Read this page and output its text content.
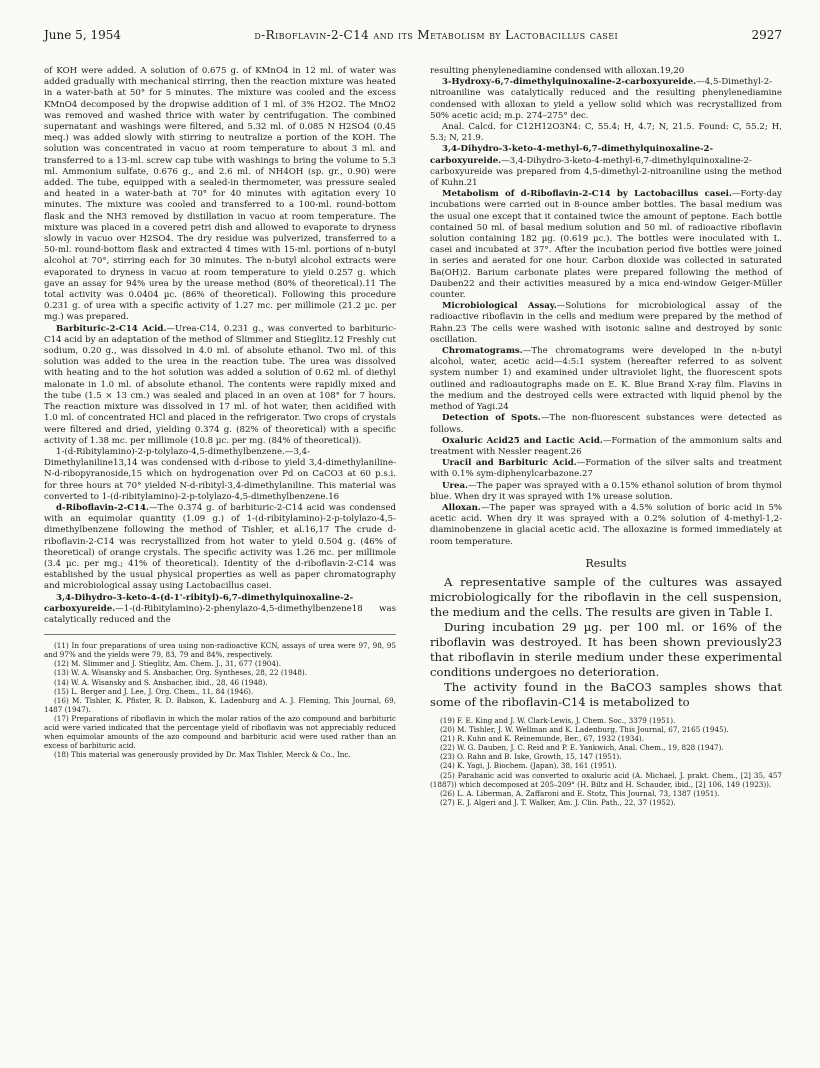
June 5, 1954	d-Riboflavin-2-C14 and its Metabolism by Lactobacillus casei	2927

of KOH were added. A solution of 0.675 g. of KMnO4 in 12 ml. of water was added gradually with mechanical stirring, then the reaction mixture was heated in a water-bath at 50° for 5 minutes. The mixture was cooled and the excess KMnO4 decomposed by the dropwise addition of 1 ml. of 3% H2O2. The MnO2 was removed and washed thrice with water by centrifugation. The combined supernatant and washings were filtered, and 5.32 ml. of 0.085 N H2SO4 (0.45 meq.) was added slowly with stirring to neutralize a portion of the KOH. The solution was concentrated in vacuo at room temperature to about 3 ml. and transferred to a 13-ml. screw cap tube with washings to bring the volume to 5.3 ml. Ammonium sulfate, 0.676 g., and 2.6 ml. of NH4OH (sp. gr., 0.90) were added. The tube, equipped with a sealed-in thermometer, was pressure sealed and heated in a water-bath at 70° for 40 minutes with agitation every 10 minutes. The mixture was cooled and transferred to a 100-ml. round-bottom flask and the NH3 removed by distillation in vacuo at room temperature. The mixture was placed in a covered petri dish and allowed to evaporate to dryness slowly in vacuo over H2SO4. The dry residue was pulverized, transferred to a 50-ml. round-bottom flask and extracted 4 times with 15-ml. portions of n-butyl alcohol at 70°, stirring each for 30 minutes. The n-butyl alcohol extracts were evaporated to dryness in vacuo at room temperature to yield 0.257 g. which gave an assay for 94% urea by the urease method (80% of theoretical).11 The total activity was 0.0404 µc. (86% of theoretical). Following this procedure 0.231 g. of urea with a specific activity of 1.27 mc. per millimole (21.2 µc. per mg.) was prepared.

Barbituric-2-C14 Acid.—Urea-C14, 0.231 g., was converted to barbituric-C14 acid by an adaptation of the method of Slimmer and Stieglitz.12 Freshly cut sodium, 0.20 g., was dissolved in 4.0 ml. of absolute ethanol. Two ml. of this solution was added to the urea in the reaction tube. The urea was dissolved with heating and to the hot solution was added a solution of 0.62 ml. of diethyl malonate in 1.0 ml. of absolute ethanol. The contents were rapidly mixed and the tube (1.5 × 13 cm.) was sealed and placed in an oven at 108° for 7 hours. The reaction mixture was dissolved in 17 ml. of hot water, then acidified with 1.0 ml. of concentrated HCl and placed in the refrigerator. Two crops of crystals were filtered and dried, yielding 0.374 g. (82% of theoretical) with a specific activity of 1.38 mc. per millimole (10.8 µc. per mg. (84% of theoretical)).

1-(d-Ribitylamino)-2-p-tolylazo-4,5-dimethylbenzene.—3,4-Dimethylaniline13,14 was condensed with d-ribose to yield 3,4-dimethylaniline-N-d-ribopyranoside,15 which on hydrogenation over Pd on CaCO3 at 60 p.s.i. for three hours at 70° yielded N-d-ribityl-3,4-dimethylaniline. This material was converted to 1-(d-ribitylamino)-2-p-tolylazo-4,5-dimethylbenzene.16

d-Riboflavin-2-C14.—The 0.374 g. of barbituric-2-C14 acid was condensed with an equimolar quantity (1.09 g.) of 1-(d-ribitylamino)-2-p-tolylazo-4,5-dimethylbenzene following the method of Tishler, et al.16,17 The crude d-riboflavin-2-C14 was recrystallized from hot water to yield 0.504 g. (46% of theoretical) of orange crystals. The specific activity was 1.26 mc. per millimole (3.4 µc. per mg.; 41% of theoretical). Identity of the d-riboflavin-2-C14 was established by the usual physical properties as well as paper chromatography and microbiological assay using Lactobacillus casei.

3,4-Dihydro-3-keto-4-(d-1'-ribityl)-6,7-dimethylquinoxaline-2-carboxyureide.—1-(d-Ribitylamino)-2-phenylazo-4,5-dimethylbenzene18 was catalytically reduced and the

(11) In four preparations of urea using non-radioactive KCN, assays of urea were 97, 98, 95 and 97% and the yields were 79, 83, 79 and 84%, respectively.

(12) M. Slimmer and J. Stieglitz, Am. Chem. J., 31, 677 (1904).

(13) W. A. Wisansky and S. Ansbacher, Org. Syntheses, 28, 22 (1948).

(14) W. A. Wisansky and S. Ansbacher, ibid., 28, 46 (1948).

(15) L. Berger and J. Lee, J. Org. Chem., 11, 84 (1946).

(16) M. Tishler, K. Pfister, R. D. Babson, K. Ladenburg and A. J. Fleming, This Journal, 69, 1487 (1947).

(17) Preparations of riboflavin in which the molar ratios of the azo compound and barbituric acid were varied indicated that the percentage yield of riboflavin was not appreciably reduced when equimolar amounts of the azo compound and barbituric acid were used rather than an excess of barbituric acid.

(18) This material was generously provided by Dr. Max Tishler, Merck & Co., Inc.

resulting phenylenediamine condensed with alloxan.19,20

3-Hydroxy-6,7-dimethylquinoxaline-2-carboxyureide.—4,5-Dimethyl-2-nitroaniline was catalytically reduced and the resulting phenylenediamine condensed with alloxan to yield a yellow solid which was recrystallized from 50% acetic acid; m.p. 274–275° dec.

Anal. Calcd. for C12H12O3N4: C, 55.4; H, 4.7; N, 21.5. Found: C, 55.2; H, 5.3; N, 21.9.

3,4-Dihydro-3-keto-4-methyl-6,7-dimethylquinoxaline-2-carboxyureide.—3,4-Dihydro-3-keto-4-methyl-6,7-dimethylquinoxaline-2-carboxyureide was prepared from 4,5-dimethyl-2-nitroaniline using the method of Kuhn.21

Metabolism of d-Riboflavin-2-C14 by Lactobacillus casei.—Forty-day incubations were carried out in 8-ounce amber bottles. The basal medium was the usual one except that it contained twice the amount of peptone. Each bottle contained 50 ml. of basal medium solution and 50 ml. of radioactive riboflavin solution containing 182 µg. (0.619 µc.). The bottles were inoculated with L. casei and incubated at 37°. After the incubation period five bottles were joined in series and aerated for one hour. Carbon dioxide was collected in saturated Ba(OH)2. Barium carbonate plates were prepared following the method of Dauben22 and their activities measured by a mica end-window Geiger-Müller counter.

Microbiological Assay.—Solutions for microbiological assay of the radioactive riboflavin in the cells and medium were prepared by the method of Rahn.23 The cells were washed with isotonic saline and destroyed by sonic oscillation.

Chromatograms.—The chromatograms were developed in the n-butyl alcohol, water, acetic acid—4:5:1 system (hereafter referred to as solvent system number 1) and examined under ultraviolet light, the fluorescent spots outlined and radioautographs made on E. K. Blue Brand X-ray film. Flavins in the medium and the destroyed cells were extracted with liquid phenol by the method of Yagi.24

Detection of Spots.—The non-fluorescent substances were detected as follows.

Oxaluric Acid25 and Lactic Acid.—Formation of the ammonium salts and treatment with Nessler reagent.26

Uracil and Barbituric Acid.—Formation of the silver salts and treatment with 0.1% sym-diphenylcarbazone.27

Urea.—The paper was sprayed with a 0.15% ethanol solution of brom thymol blue. When dry it was sprayed with 1% urease solution.

Alloxan.—The paper was sprayed with a 4.5% solution of boric acid in 5% acetic acid. When dry it was sprayed with a 0.2% solution of 4-methyl-1,2-diaminobenzene in glacial acetic acid. The alloxazine is formed immediately at room temperature.

Results

A representative sample of the cultures was assayed microbiologically for the riboflavin in the cell suspension, the medium and the cells. The results are given in Table I.

During incubation 29 µg. per 100 ml. or 16% of the riboflavin was destroyed. It has been shown previously23 that riboflavin in sterile medium under these experimental conditions undergoes no deterioration.

The activity found in the BaCO3 samples shows that some of the riboflavin-C14 is metabolized to

(19) F. E. King and J. W. Clark-Lewis, J. Chem. Soc., 3379 (1951).

(20) M. Tishler, J. W. Wellman and K. Ladenburg, This Journal, 67, 2165 (1945).

(21) R. Kuhn and K. Reinemunde, Ber., 67, 1932 (1934).

(22) W. G. Dauben, J. C. Reid and P. E. Yankwich, Anal. Chem., 19, 828 (1947).

(23) O. Rahn and B. Iske, Growth, 15, 147 (1951).

(24) K. Yagi, J. Biochem. (Japan), 38, 161 (1951).

(25) Parabanic acid was converted to oxaluric acid (A. Michael, J. prakt. Chem., [2] 35, 457 (1887)) which decomposed at 205–209° (H. Biltz and H. Schauder, ibid., [2] 106, 149 (1923)).

(26) L. A. Liberman, A. Zaffaroni and E. Stotz, This Journal, 73, 1387 (1951).

(27) E. J. Algeri and J. T. Walker, Am. J. Clin. Path., 22, 37 (1952).
